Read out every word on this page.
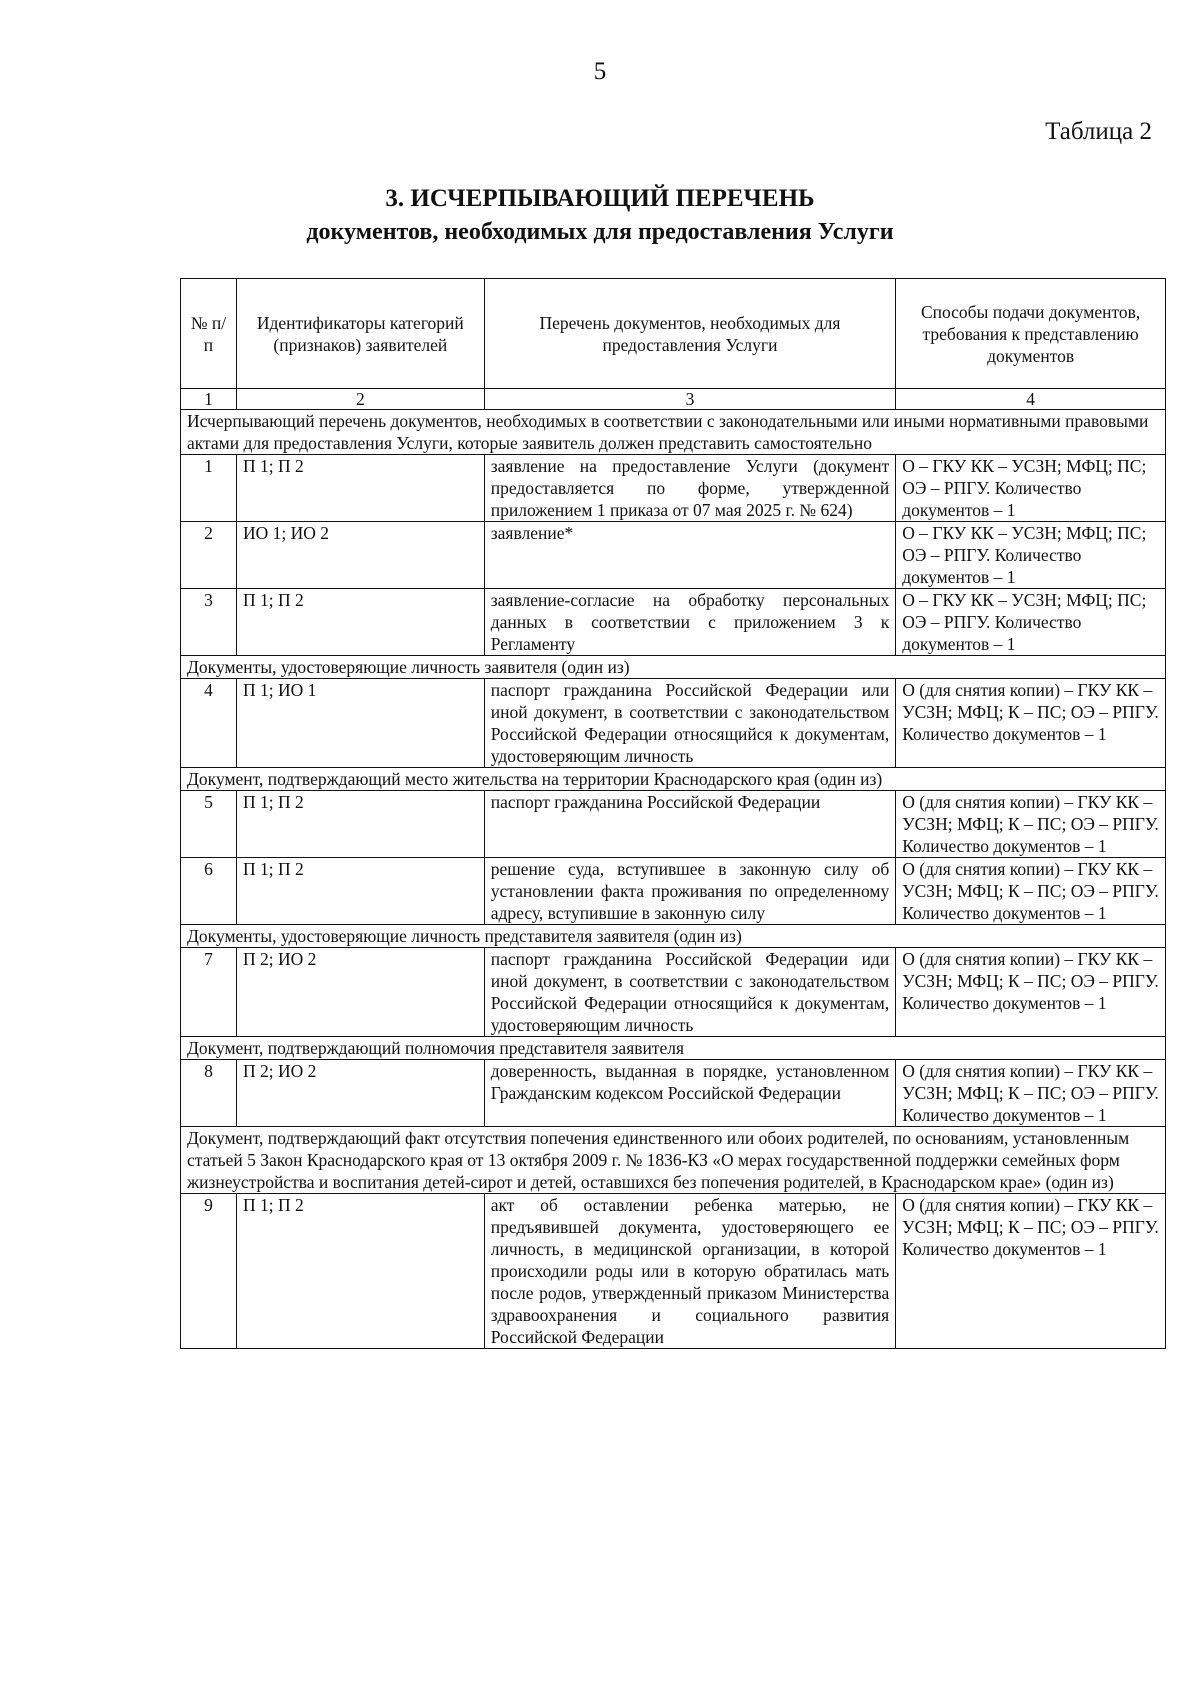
5
Таблица 2
3. ИСЧЕРПЫВАЮЩИЙ ПЕРЕЧЕНЬ
документов, необходимых для предоставления Услуги
№ п/п	Идентификаторы категорий (признаков) заявителей	Перечень документов, необходимых для предоставления Услуги	Способы подачи документов, требования к представлению документов
1	2	3	4
Исчерпывающий перечень документов, необходимых в соответствии с законодательными или иными нормативными правовыми актами для предоставления Услуги, которые заявитель должен представить самостоятельно			
1	П 1; П 2	заявление на предоставление Услуги (документ предоставляется по форме, утвержденной приложением 1 приказа от 07 мая 2025 г. № 624)	О – ГКУ КК – УСЗН; МФЦ; ПС; ОЭ – РПГУ. Количество документов – 1
2	ИО 1; ИО 2	заявление*	О – ГКУ КК – УСЗН; МФЦ; ПС; ОЭ – РПГУ. Количество документов – 1
3	П 1; П 2	заявление-согласие на обработку персональных данных в соответствии с приложением 3 к Регламенту	О – ГКУ КК – УСЗН; МФЦ; ПС; ОЭ – РПГУ. Количество документов – 1
Документы, удостоверяющие личность заявителя (один из)			
4	П 1; ИО 1	паспорт гражданина Российской Федерации или иной документ, в соответствии с законодательством Российской Федерации относящийся к документам, удостоверяющим личность	О (для снятия копии) – ГКУ КК – УСЗН; МФЦ; К – ПС; ОЭ – РПГУ. Количество документов – 1
Документ, подтверждающий место жительства на территории Краснодарского края (один из)			
5	П 1; П 2	паспорт гражданина Российской Федерации	О (для снятия копии) – ГКУ КК – УСЗН; МФЦ; К – ПС; ОЭ – РПГУ. Количество документов – 1
6	П 1; П 2	решение суда, вступившее в законную силу об установлении факта проживания по определенному адресу, вступившие в законную силу	О (для снятия копии) – ГКУ КК – УСЗН; МФЦ; К – ПС; ОЭ – РПГУ. Количество документов – 1
Документы, удостоверяющие личность представителя заявителя (один из)			
7	П 2; ИО 2	паспорт гражданина Российской Федерации иди иной документ, в соответствии с законодательством Российской Федерации относящийся к документам, удостоверяющим личность	О (для снятия копии) – ГКУ КК – УСЗН; МФЦ; К – ПС; ОЭ – РПГУ. Количество документов – 1
Документ, подтверждающий полномочия представителя заявителя			
8	П 2; ИО 2	доверенность, выданная в порядке, установленном Гражданским кодексом Российской Федерации	О (для снятия копии) – ГКУ КК – УСЗН; МФЦ; К – ПС; ОЭ – РПГУ. Количество документов – 1
Документ, подтверждающий факт отсутствия попечения единственного или обоих родителей, по основаниям, установленным статьей 5 Закон Краснодарского края от 13 октября 2009 г. № 1836-КЗ «О мерах государственной поддержки семейных форм жизнеустройства и воспитания детей-сирот и детей, оставшихся без попечения родителей, в Краснодарском крае» (один из)			
9	П 1; П 2	акт об оставлении ребенка матерью, не предъявившей документа, удостоверяющего ее личность, в медицинской организации, в которой происходили роды или в которую обратилась мать после родов, утвержденный приказом Министерства здравоохранения и социального развития Российской Федерации	О (для снятия копии) – ГКУ КК – УСЗН; МФЦ; К – ПС; ОЭ – РПГУ. Количество документов – 1
